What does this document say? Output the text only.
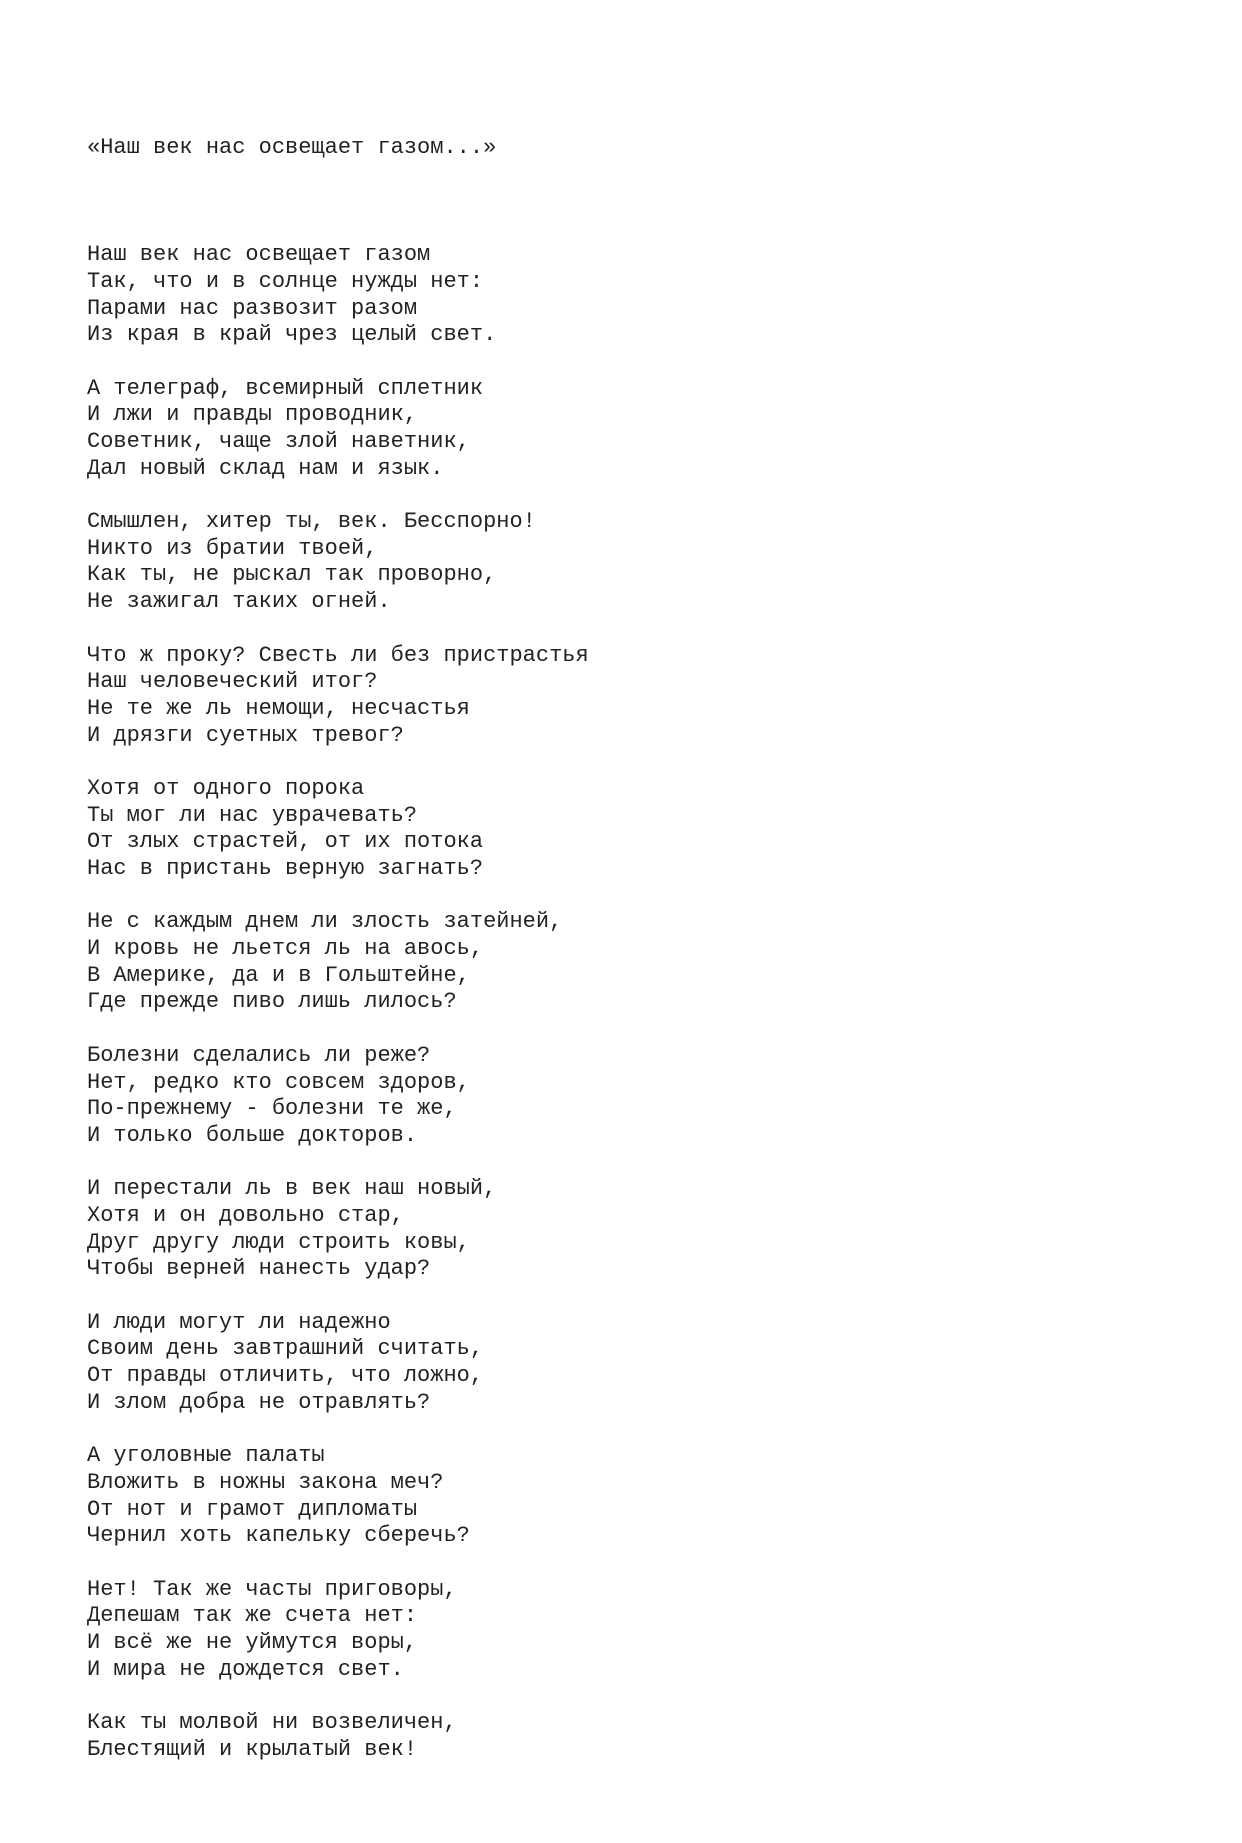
«Наш век нас освещает газом...»

Наш век нас освещает газом
Так, что и в солнце нужды нет:
Парами нас развозит разом
Из края в край чрез целый свет.
А телеграф, всемирный сплетник
И лжи и правды проводник,
Советник, чаще злой наветник,
Дал новый склад нам и язык.
Смышлен, хитер ты, век. Бесспорно!
Никто из братии твоей,
Как ты, не рыскал так проворно,
Не зажигал таких огней.
Что ж проку? Свесть ли без пристрастья
Наш человеческий итог?
Не те же ль немощи, несчастья
И дрязги суетных тревог?
Хотя от одного порока
Ты мог ли нас уврачевать?
От злых страстей, от их потока
Нас в пристань верную загнать?
Не с каждым днем ли злость затейней,
И кровь не льется ль на авось,
В Америке, да и в Гольштейне,
Где прежде пиво лишь лилось?
Болезни сделались ли реже?
Нет, редко кто совсем здоров,
По-прежнему - болезни те же,
И только больше докторов.
И перестали ль в век наш новый,
Хотя и он довольно стар,
Друг другу люди строить ковы,
Чтобы верней нанесть удар?
И люди могут ли надежно
Своим день завтрашний считать,
От правды отличить, что ложно,
И злом добра не отравлять?
А уголовные палаты
Вложить в ножны закона меч?
От нот и грамот дипломаты
Чернил хоть капельку сберечь?
Нет! Так же часты приговоры,
Депешам так же счета нет:
И всё же не уймутся воры,
И мира не дождется свет.
Как ты молвой ни возвеличен,
Блестящий и крылатый век!
